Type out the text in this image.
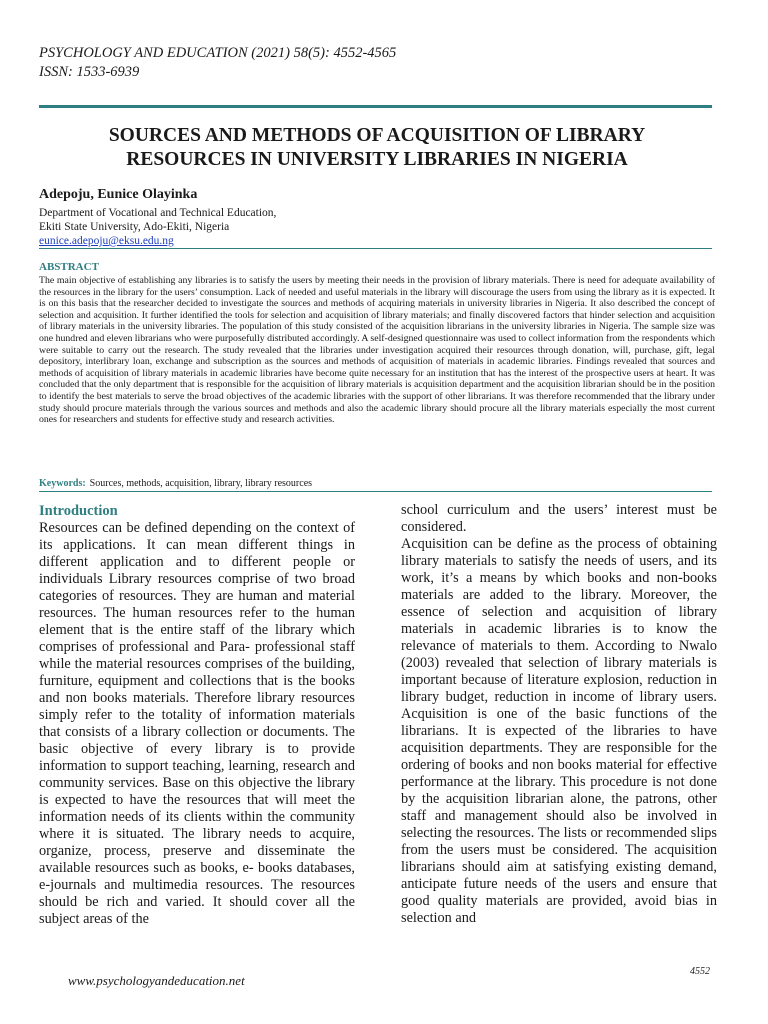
PSYCHOLOGY AND EDUCATION (2021) 58(5): 4552-4565
ISSN: 1533-6939
SOURCES AND METHODS OF ACQUISITION OF LIBRARY
RESOURCES IN UNIVERSITY LIBRARIES IN NIGERIA
Adepoju, Eunice Olayinka
Department of Vocational and Technical Education,
Ekiti State University, Ado-Ekiti, Nigeria
eunice.adepoju@eksu.edu.ng
ABSTRACT
The main objective of establishing any libraries is to satisfy the users by meeting their needs in the provision of library materials. There is need for adequate availability of the resources in the library for the users’ consumption. Lack of needed and useful materials in the library will discourage the users from using the library as it is expected. It is on this basis that the researcher decided to investigate the sources and methods of acquiring materials in university libraries in Nigeria. It also described the concept of selection and acquisition. It further identified the tools for selection and acquisition of library materials; and finally discovered factors that hinder selection and acquisition of library materials in the university libraries. The population of this study consisted of the acquisition librarians in the university libraries in Nigeria. The sample size was one hundred and eleven librarians who were purposefully distributed accordingly. A self-designed questionnaire was used to collect information from the respondents which were suitable to carry out the research. The study revealed that the libraries under investigation acquired their resources through donation, will, purchase, gift, legal depository, interlibrary loan, exchange and subscription as the sources and methods of acquisition of materials in academic libraries. Findings revealed that sources and methods of acquisition of library materials in academic libraries have become quite necessary for an institution that has the interest of the prospective users at heart. It was concluded that the only department that is responsible for the acquisition of library materials is acquisition department and the acquisition librarian should be in the position to identify the best materials to serve the broad objectives of the academic libraries with the support of other librarians. It was therefore recommended that the library under study should procure materials through the various sources and methods and also the academic library should procure all the library materials especially the most current ones for researchers and students for effective study and research activities.
Keywords: Sources, methods, acquisition, library, library resources
Introduction

Resources can be defined depending on the context of its applications. It can mean different things in different application and to different people or individuals Library resources comprise of two broad categories of resources. They are human and material resources. The human resources refer to the human element that is the entire staff of the library which comprises of professional and Para- professional staff while the material resources comprises of the building, furniture, equipment and collections that is the books and non books materials. Therefore library resources simply refer to the totality of information materials that consists of a library collection or documents. The basic objective of every library is to provide information to support teaching, learning, research and community services. Base on this objective the library is expected to have the resources that will meet the information needs of its clients within the community where it is situated. The library needs to acquire, organize, process, preserve and disseminate the available resources such as books, e- books databases, e-journals and multimedia resources. The resources should be rich and varied. It should cover all the subject areas of the

school curriculum and the users’ interest must be considered.

Acquisition can be define as the process of obtaining library materials to satisfy the needs of users, and its work, it’s a means by which books and non-books materials are added to the library. Moreover, the essence of selection and acquisition of library materials in academic libraries is to know the relevance of materials to them. According to Nwalo (2003) revealed that selection of library materials is important because of literature explosion, reduction in library budget, reduction in income of library users. Acquisition is one of the basic functions of the librarians. It is expected of the libraries to have acquisition departments. They are responsible for the ordering of books and non books material for effective performance at the library. This procedure is not done by the acquisition librarian alone, the patrons, other staff and management should also be involved in selecting the resources. The lists or recommended slips from the users must be considered. The acquisition librarians should aim at satisfying existing demand, anticipate future needs of the users and ensure that good quality materials are provided, avoid bias in selection and

www.psychologyandeducation.net
4552
